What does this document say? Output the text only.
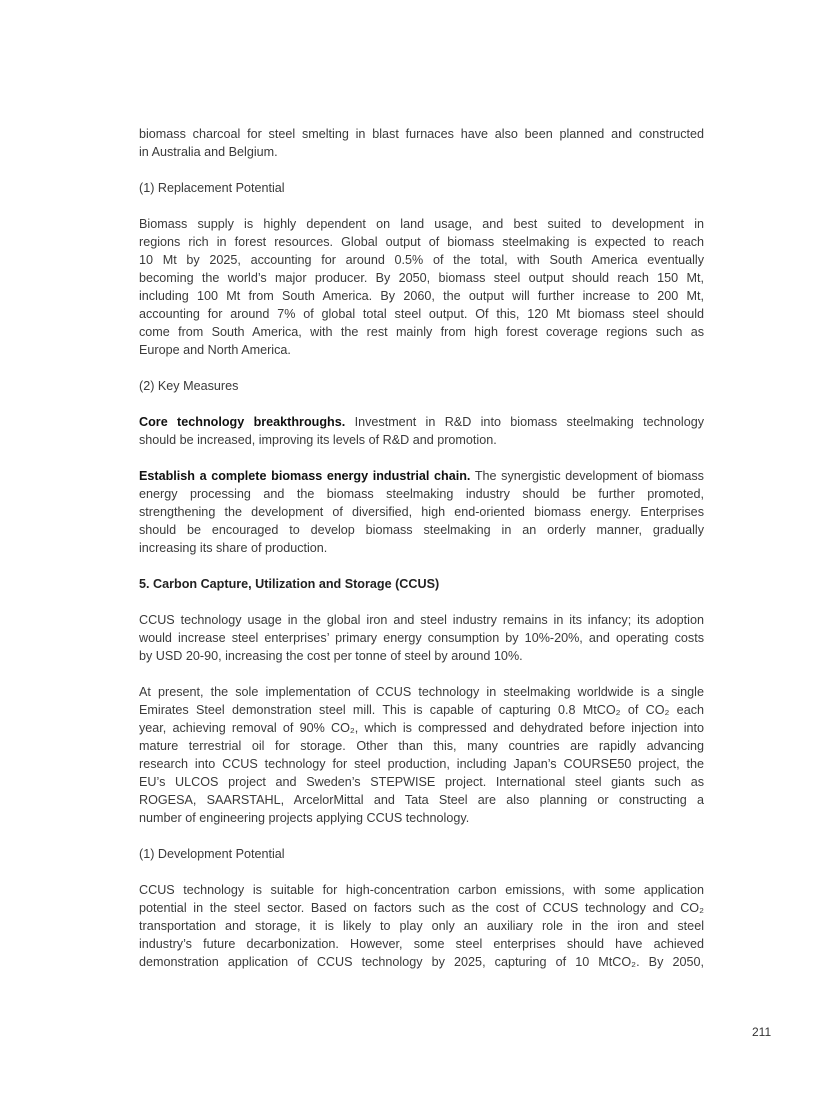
biomass charcoal for steel smelting in blast furnaces have also been planned and constructed
in Australia and Belgium.
(1) Replacement Potential
Biomass supply is highly dependent on land usage, and best suited to development in
regions rich in forest resources. Global output of biomass steelmaking is expected to reach
10 Mt by 2025, accounting for around 0.5% of the total, with South America eventually
becoming the world’s major producer. By 2050, biomass steel output should reach 150 Mt,
including 100 Mt from South America. By 2060, the output will further increase to 200 Mt,
accounting for around 7% of global total steel output. Of this, 120 Mt biomass steel should
come from South America, with the rest mainly from high forest coverage regions such as
Europe and North America.
(2) Key Measures
Core technology breakthroughs. Investment in R&D into biomass steelmaking technology
should be increased, improving its levels of R&D and promotion.
Establish a complete biomass energy industrial chain. The synergistic development of biomass
energy processing and the biomass steelmaking industry should be further promoted,
strengthening the development of diversified, high end-oriented biomass energy. Enterprises
should be encouraged to develop biomass steelmaking in an orderly manner, gradually
increasing its share of production.
5. Carbon Capture, Utilization and Storage (CCUS)
CCUS technology usage in the global iron and steel industry remains in its infancy; its adoption
would increase steel enterprises’ primary energy consumption by 10%-20%, and operating costs
by USD 20-90, increasing the cost per tonne of steel by around 10%.
At present, the sole implementation of CCUS technology in steelmaking worldwide is a single
Emirates Steel demonstration steel mill. This is capable of capturing 0.8 MtCO₂ of CO₂ each
year, achieving removal of 90% CO₂, which is compressed and dehydrated before injection into
mature terrestrial oil for storage. Other than this, many countries are rapidly advancing
research into CCUS technology for steel production, including Japan’s COURSE50 project, the
EU’s ULCOS project and Sweden’s STEPWISE project. International steel giants such as
ROGESA, SAARSTAHL, ArcelorMittal and Tata Steel are also planning or constructing a
number of engineering projects applying CCUS technology.
(1) Development Potential
CCUS technology is suitable for high-concentration carbon emissions, with some application
potential in the steel sector. Based on factors such as the cost of CCUS technology and CO₂
transportation and storage, it is likely to play only an auxiliary role in the iron and steel
industry’s future decarbonization. However, some steel enterprises should have achieved
demonstration application of CCUS technology by 2025, capturing of 10 MtCO₂. By 2050,
211
